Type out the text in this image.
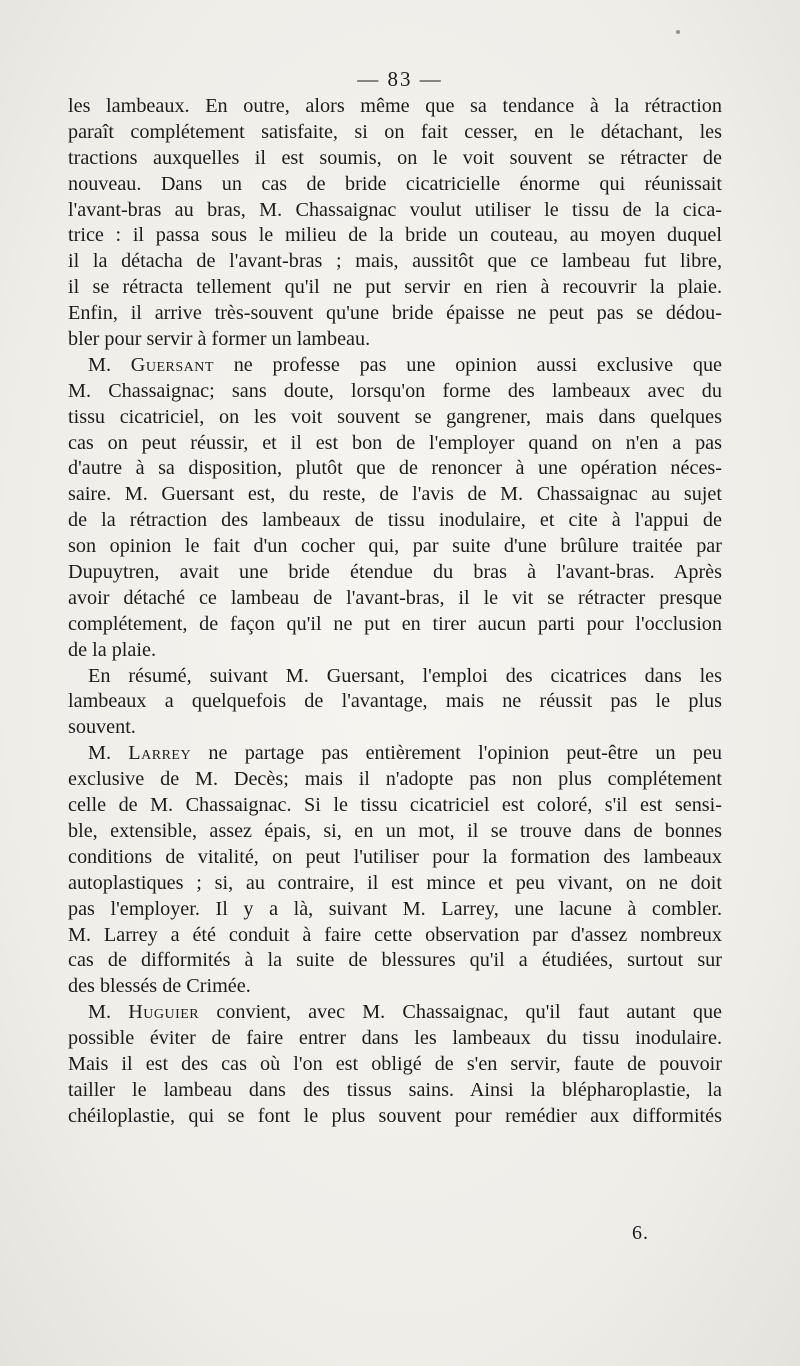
— 83 —
les lambeaux. En outre, alors même que sa tendance à la rétraction
paraît complétement satisfaite, si on fait cesser, en le détachant, les
tractions auxquelles il est soumis, on le voit souvent se rétracter de
nouveau. Dans un cas de bride cicatricielle énorme qui réunissait
l'avant-bras au bras, M. Chassaignac voulut utiliser le tissu de la cica-
trice : il passa sous le milieu de la bride un couteau, au moyen duquel
il la détacha de l'avant-bras ; mais, aussitôt que ce lambeau fut libre,
il se rétracta tellement qu'il ne put servir en rien à recouvrir la plaie.
Enfin, il arrive très-souvent qu'une bride épaisse ne peut pas se dédou-
bler pour servir à former un lambeau.
M. Guersant ne professe pas une opinion aussi exclusive que
M. Chassaignac; sans doute, lorsqu'on forme des lambeaux avec du
tissu cicatriciel, on les voit souvent se gangrener, mais dans quelques
cas on peut réussir, et il est bon de l'employer quand on n'en a pas
d'autre à sa disposition, plutôt que de renoncer à une opération néces-
saire. M. Guersant est, du reste, de l'avis de M. Chassaignac au sujet
de la rétraction des lambeaux de tissu inodulaire, et cite à l'appui de
son opinion le fait d'un cocher qui, par suite d'une brûlure traitée par
Dupuytren, avait une bride étendue du bras à l'avant-bras. Après
avoir détaché ce lambeau de l'avant-bras, il le vit se rétracter presque
complétement, de façon qu'il ne put en tirer aucun parti pour l'occlusion
de la plaie.
En résumé, suivant M. Guersant, l'emploi des cicatrices dans les
lambeaux a quelquefois de l'avantage, mais ne réussit pas le plus
souvent.
M. Larrey ne partage pas entièrement l'opinion peut-être un peu
exclusive de M. Decès; mais il n'adopte pas non plus complétement
celle de M. Chassaignac. Si le tissu cicatriciel est coloré, s'il est sensi-
ble, extensible, assez épais, si, en un mot, il se trouve dans de bonnes
conditions de vitalité, on peut l'utiliser pour la formation des lambeaux
autoplastiques ; si, au contraire, il est mince et peu vivant, on ne doit
pas l'employer. Il y a là, suivant M. Larrey, une lacune à combler.
M. Larrey a été conduit à faire cette observation par d'assez nombreux
cas de difformités à la suite de blessures qu'il a étudiées, surtout sur
des blessés de Crimée.
M. Huguier convient, avec M. Chassaignac, qu'il faut autant que
possible éviter de faire entrer dans les lambeaux du tissu inodulaire.
Mais il est des cas où l'on est obligé de s'en servir, faute de pouvoir
tailler le lambeau dans des tissus sains. Ainsi la blépharoplastie, la
chéiloplastie, qui se font le plus souvent pour remédier aux difformités
6.
